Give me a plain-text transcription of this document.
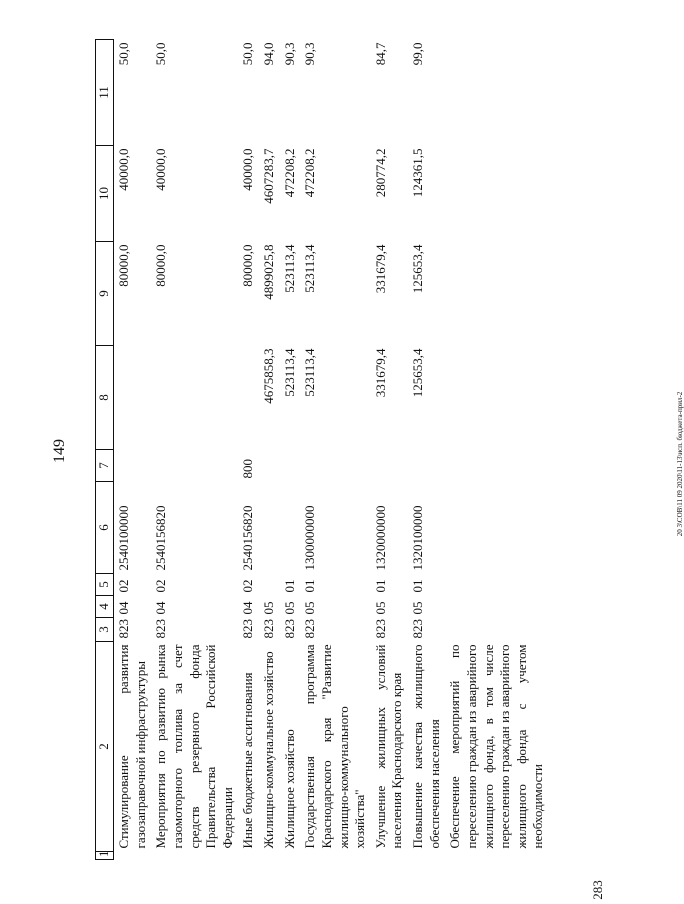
149	20 3\СОВ\11 09 2020\11-13\исп. бюджета-прил-2
283
1	2	3	4	5	6	7	8	9	10	11
	Стимулирование развития газозаправочной инфраструктуры	823	04	02	2540100000			80000,0	40000,0	50,0
	Мероприятия по развитию рынка газомоторного топлива за счет средств резервного фонда Правительства Российской Федерации	823	04	02	2540156820			80000,0	40000,0	50,0
	Иные бюджетные ассигнования	823	04	02	2540156820	800		80000,0	40000,0	50,0
	Жилищно-коммунальное хозяйство	823	05				4675858,3	4899025,8	4607283,7	94,0
	Жилищное хозяйство	823	05	01			523113,4	523113,4	472208,2	90,3
	Государственная программа Краснодарского края "Развитие жилищно-коммунального хозяйства"	823	05	01	1300000000		523113,4	523113,4	472208,2	90,3
	Улучшение жилищных условий населения Краснодарского края	823	05	01	1320000000		331679,4	331679,4	280774,2	84,7
	Повышение качества жилищного обеспечения населения	823	05	01	1320100000		125653,4	125653,4	124361,5	99,0
	Обеспечение мероприятий по переселению граждан из аварийного жилищного фонда, в том числе переселению граждан из аварийного жилищного фонда с учетом необходимости									
